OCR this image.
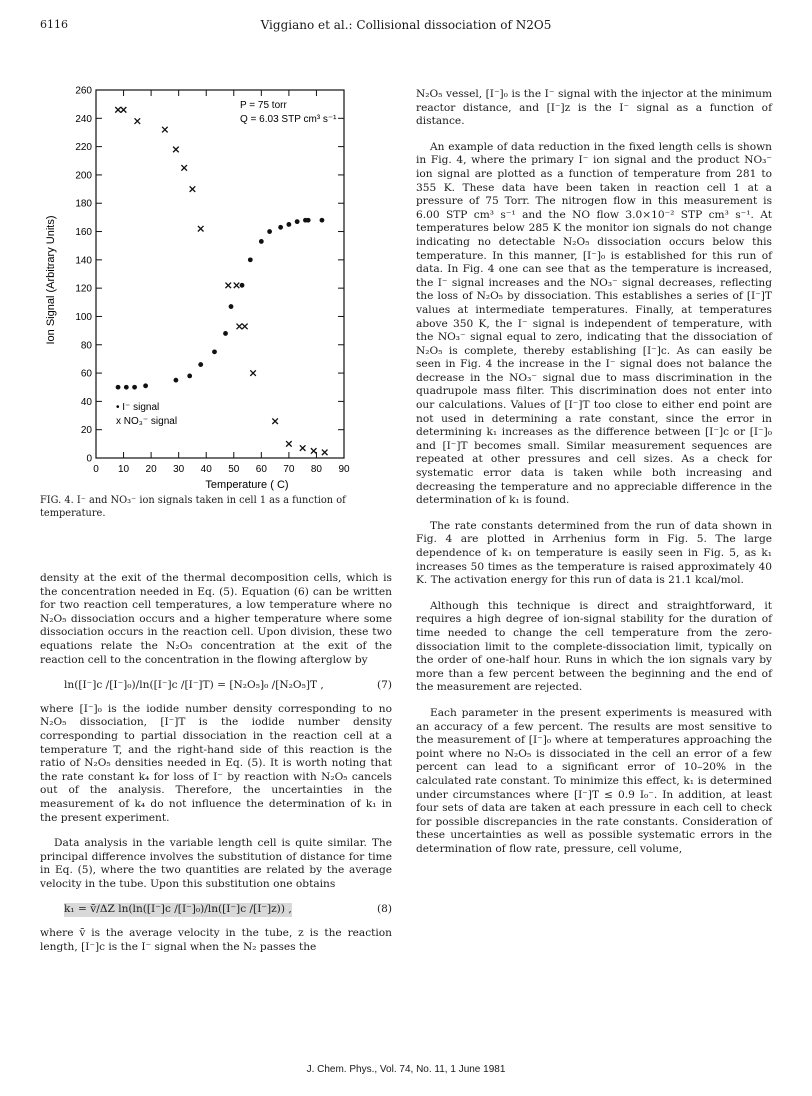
6116	Viggiano et al.: Collisional dissociation of N2O5
0 10 20 30 40 50 60 70 80 90
0
20
40
60
80
100
120
140
160
180
200
220
240
260
P = 75 torr
Q = 6.03 STP cm³ s⁻¹
• I⁻ signal
x NO₃⁻ signal
Temperature ( C)
Ion Signal (Arbitrary Units)
FIG. 4. I⁻ and NO₃⁻ ion signals taken in cell 1 as a function of temperature.

N₂O₅ vessel, [I⁻]₀ is the I⁻ signal with the injector at the minimum reactor distance, and [I⁻]z is the I⁻ signal as a function of distance.

An example of data reduction in the fixed length cells is shown in Fig. 4, where the primary I⁻ ion signal and the product NO₃⁻ ion signal are plotted as a function of temperature from 281 to 355 K. These data have been taken in reaction cell 1 at a pressure of 75 Torr. The nitrogen flow in this measurement is 6.00 STP cm³ s⁻¹ and the NO flow 3.0×10⁻² STP cm³ s⁻¹. At temperatures below 285 K the monitor ion signals do not change indicating no detectable N₂O₅ dissociation occurs below this temperature. In this manner, [I⁻]₀ is established for this run of data. In Fig. 4 one can see that as the temperature is increased, the I⁻ signal increases and the NO₃⁻ signal decreases, reflecting the loss of N₂O₅ by dissociation. This establishes a series of [I⁻]T values at intermediate temperatures. Finally, at temperatures above 350 K, the I⁻ signal is independent of temperature, with the NO₃⁻ signal equal to zero, indicating that the dissociation of N₂O₅ is complete, thereby establishing [I⁻]c. As can easily be seen in Fig. 4 the increase in the I⁻ signal does not balance the decrease in the NO₃⁻ signal due to mass discrimination in the quadrupole mass filter. This discrimination does not enter into our calculations. Values of [I⁻]T too close to either end point are not used in determining a rate constant, since the error in determining k₁ increases as the difference between [I⁻]c or [I⁻]₀ and [I⁻]T becomes small. Similar measurement sequences are repeated at other pressures and cell sizes. As a check for systematic error data is taken while both increasing and decreasing the temperature and no appreciable difference in the determination of k₁ is found.

The rate constants determined from the run of data shown in Fig. 4 are plotted in Arrhenius form in Fig. 5. The large dependence of k₁ on temperature is easily seen in Fig. 5, as k₁ increases 50 times as the temperature is raised approximately 40 K. The activation energy for this run of data is 21.1 kcal/mol.

Although this technique is direct and straightforward, it requires a high degree of ion-signal stability for the duration of time needed to change the cell temperature from the zero-dissociation limit to the complete-dissociation limit, typically on the order of one-half hour. Runs in which the ion signals vary by more than a few percent between the beginning and the end of the measurement are rejected.

Each parameter in the present experiments is measured with an accuracy of a few percent. The results are most sensitive to the measurement of [I⁻]₀ where at temperatures approaching the point where no N₂O₅ is dissociated in the cell an error of a few percent can lead to a significant error of 10–20% in the calculated rate constant. To minimize this effect, k₁ is determined under circumstances where [I⁻]T ≤ 0.9 I₀⁻. In addition, at least four sets of data are taken at each pressure in each cell to check for possible discrepancies in the rate constants. Consideration of these uncertainties as well as possible systematic errors in the determination of flow rate, pressure, cell volume,

density at the exit of the thermal decomposition cells, which is the concentration needed in Eq. (5). Equation (6) can be written for two reaction cell temperatures, a low temperature where no N₂O₅ dissociation occurs and a higher temperature where some dissociation occurs in the reaction cell. Upon division, these two equations relate the N₂O₅ concentration at the exit of the reaction cell to the concentration in the flowing afterglow by

ln([I⁻]c /[I⁻]₀)/ln([I⁻]c /[I⁻]T) = [N₂O₅]₀ /[N₂O₅]T ,	(7)

where [I⁻]₀ is the iodide number density corresponding to no N₂O₅ dissociation, [I⁻]T is the iodide number density corresponding to partial dissociation in the reaction cell at a temperature T, and the right-hand side of this reaction is the ratio of N₂O₅ densities needed in Eq. (5). It is worth noting that the rate constant k₄ for loss of I⁻ by reaction with N₂O₅ cancels out of the analysis. Therefore, the uncertainties in the measurement of k₄ do not influence the determination of k₁ in the present experiment.

Data analysis in the variable length cell is quite similar. The principal difference involves the substitution of distance for time in Eq. (5), where the two quantities are related by the average velocity in the tube. Upon this substitution one obtains

k₁ = v̄/ΔZ ln(ln([I⁻]c /[I⁻]₀)/ln([I⁻]c /[I⁻]z)) ,	(8)

where v̄ is the average velocity in the tube, z is the reaction length, [I⁻]c is the I⁻ signal when the N₂ passes the

J. Chem. Phys., Vol. 74, No. 11, 1 June 1981
